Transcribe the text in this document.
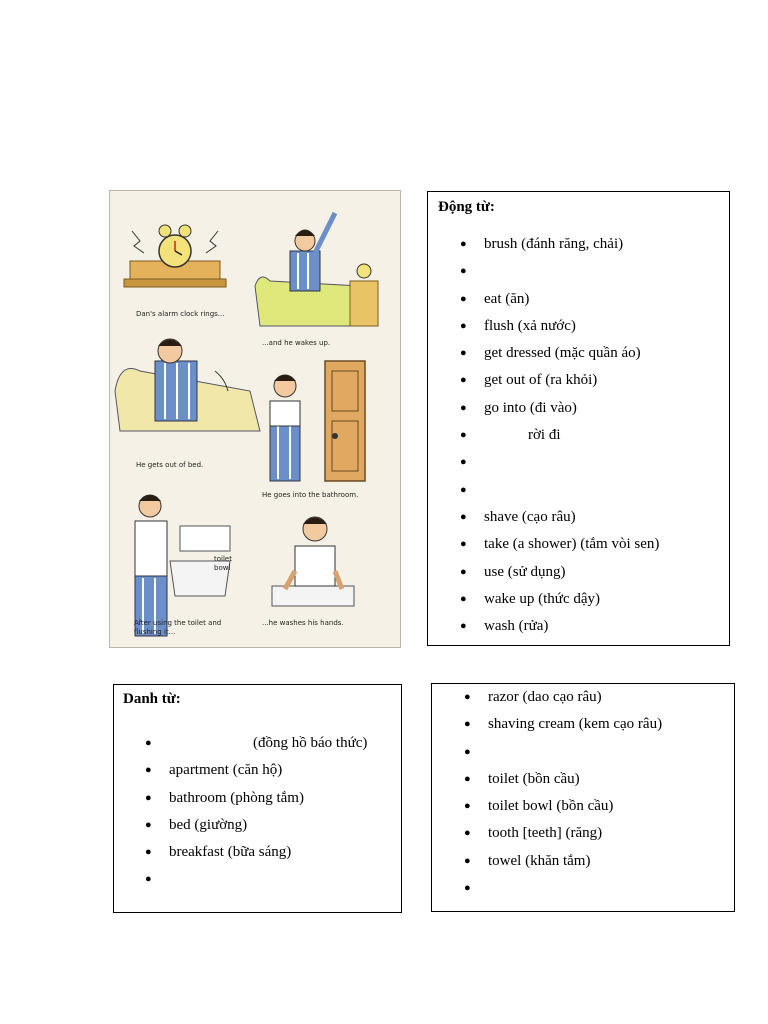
Dan's alarm clock rings...
...and he wakes up.
He gets out of bed.
He goes into the bathroom.
toilet
bowl
After using the toilet and
flushing it...
...he washes his hands.
Động từ:
● brush (đánh răng, chải)
●
● eat (ăn)
● flush (xả nước)
● get dressed (mặc quần áo)
● get out of (ra khỏi)
● go into (đi vào)
●	rời đi
●
●
● shave (cạo râu)
● take (a shower) (tắm vòi sen)
● use (sử dụng)
● wake up (thức dậy)
● wash (rửa)
Danh từ:
●	(đồng hồ báo thức)
● apartment (căn hộ)
● bathroom (phòng tắm)
● bed (giường)
● breakfast (bữa sáng)
●
● razor (dao cạo râu)
● shaving cream (kem cạo râu)
●
● toilet (bồn cầu)
● toilet bowl (bồn cầu)
● tooth [teeth] (răng)
● towel (khăn tắm)
●
